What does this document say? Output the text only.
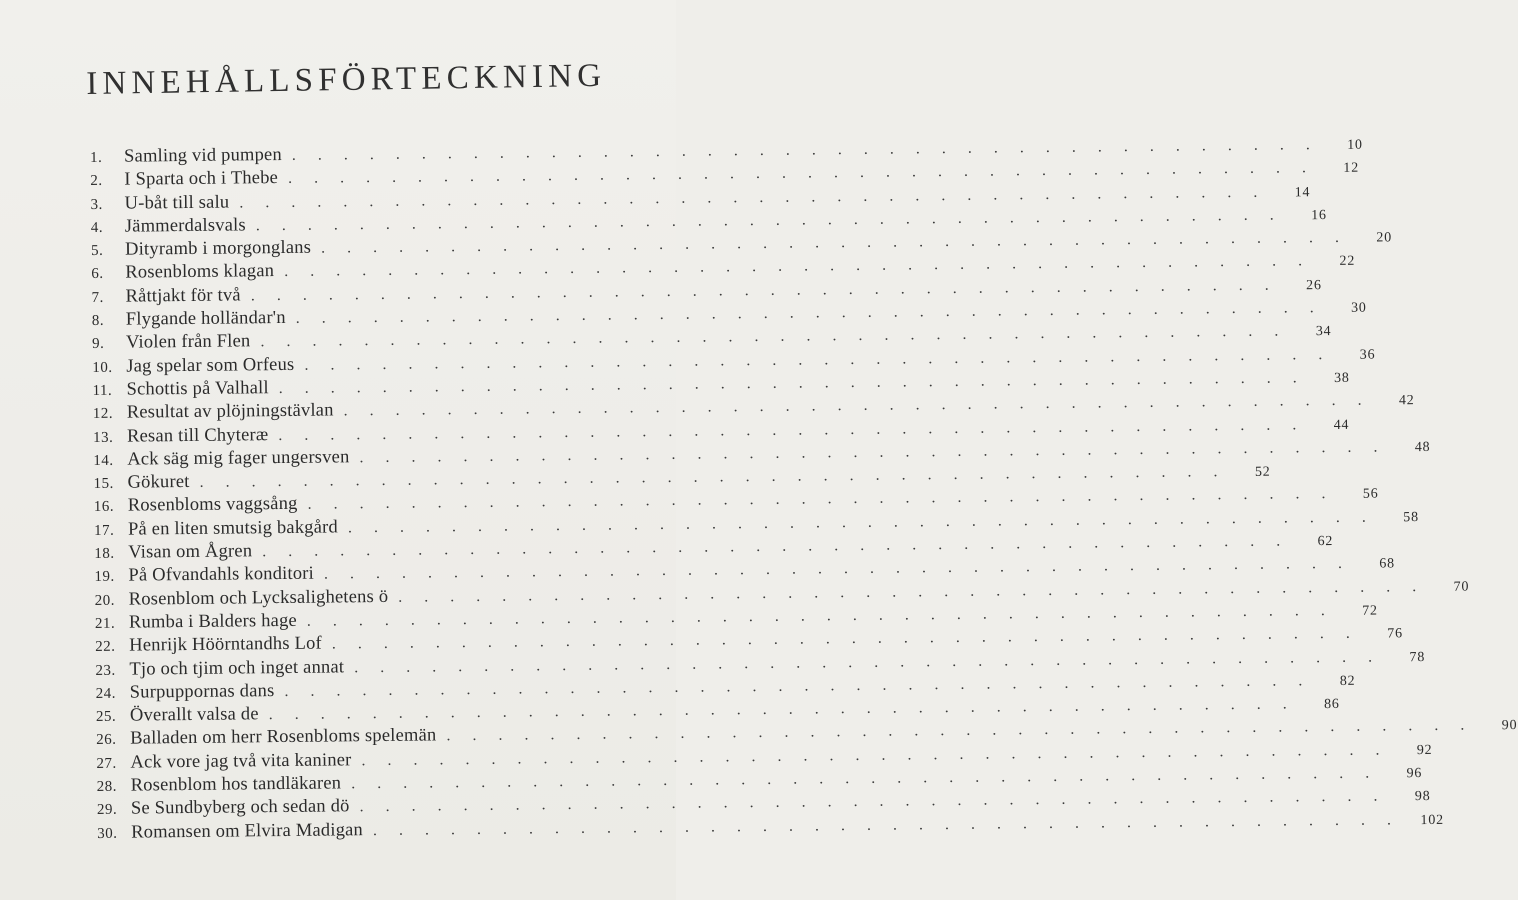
INNEHÅLLSFÖRTECKNING
1.	Samling vid pumpen . . . . . . . . . . . . . . . . . . . . . . . . . . . . . . . . . . . . . . . .	10
2.	I Sparta och i Thebe . . . . . . . . . . . . . . . . . . . . . . . . . . . . . . . . . . . . . . . .	12
3.	U-båt till salu . . . . . . . . . . . . . . . . . . . . . . . . . . . . . . . . . . . . . . . .	14
4.	Jämmerdalsvals . . . . . . . . . . . . . . . . . . . . . . . . . . . . . . . . . . . . . . . .	16
5.	Dityramb i morgonglans . . . . . . . . . . . . . . . . . . . . . . . . . . . . . . . . . . . . . . . .	20
6.	Rosenbloms klagan . . . . . . . . . . . . . . . . . . . . . . . . . . . . . . . . . . . . . . . .	22
7.	Råttjakt för två . . . . . . . . . . . . . . . . . . . . . . . . . . . . . . . . . . . . . . . .	26
8.	Flygande holländar'n . . . . . . . . . . . . . . . . . . . . . . . . . . . . . . . . . . . . . . . .	30
9.	Violen från Flen . . . . . . . . . . . . . . . . . . . . . . . . . . . . . . . . . . . . . . . .	34
10. Jag spelar som Orfeus . . . . . . . . . . . . . . . . . . . . . . . . . . . . . . . . . . . . . . . .	36
11. Schottis på Valhall . . . . . . . . . . . . . . . . . . . . . . . . . . . . . . . . . . . . . . . .	38
12. Resultat av plöjningstävlan . . . . . . . . . . . . . . . . . . . . . . . . . . . . . . . . . . . . . . . .	42
13. Resan till Chyteræ . . . . . . . . . . . . . . . . . . . . . . . . . . . . . . . . . . . . . . . .	44
14. Ack säg mig fager ungersven . . . . . . . . . . . . . . . . . . . . . . . . . . . . . . . . . . . . . . . .	48
15. Gökuret . . . . . . . . . . . . . . . . . . . . . . . . . . . . . . . . . . . . . . . .	52
16. Rosenbloms vaggsång . . . . . . . . . . . . . . . . . . . . . . . . . . . . . . . . . . . . . . . .	56
17. På en liten smutsig bakgård . . . . . . . . . . . . . . . . . . . . . . . . . . . . . . . . . . . . . . . .	58
18. Visan om Ågren . . . . . . . . . . . . . . . . . . . . . . . . . . . . . . . . . . . . . . . .	62
19. På Ofvandahls konditori . . . . . . . . . . . . . . . . . . . . . . . . . . . . . . . . . . . . . . . .	68
20. Rosenblom och Lycksalighetens ö . . . . . . . . . . . . . . . . . . . . . . . . . . . . . . . . . . . . . . . .	70
21. Rumba i Balders hage . . . . . . . . . . . . . . . . . . . . . . . . . . . . . . . . . . . . . . . .	72
22. Henrijk Höörntandhs Lof . . . . . . . . . . . . . . . . . . . . . . . . . . . . . . . . . . . . . . . .	76
23. Tjo och tjim och inget annat . . . . . . . . . . . . . . . . . . . . . . . . . . . . . . . . . . . . . . . .	78
24. Surpuppornas dans . . . . . . . . . . . . . . . . . . . . . . . . . . . . . . . . . . . . . . . .	82
25. Överallt valsa de . . . . . . . . . . . . . . . . . . . . . . . . . . . . . . . . . . . . . . . .	86
26. Balladen om herr Rosenbloms spelemän . . . . . . . . . . . . . . . . . . . . . . . . . . . . . . . . . . . . . . . .	90
27. Ack vore jag två vita kaniner . . . . . . . . . . . . . . . . . . . . . . . . . . . . . . . . . . . . . . . .	92
28. Rosenblom hos tandläkaren . . . . . . . . . . . . . . . . . . . . . . . . . . . . . . . . . . . . . . . .	96
29. Se Sundbyberg och sedan dö . . . . . . . . . . . . . . . . . . . . . . . . . . . . . . . . . . . . . . . .	98
30. Romansen om Elvira Madigan . . . . . . . . . . . . . . . . . . . . . . . . . . . . . . . . . . . . . . . .	102
